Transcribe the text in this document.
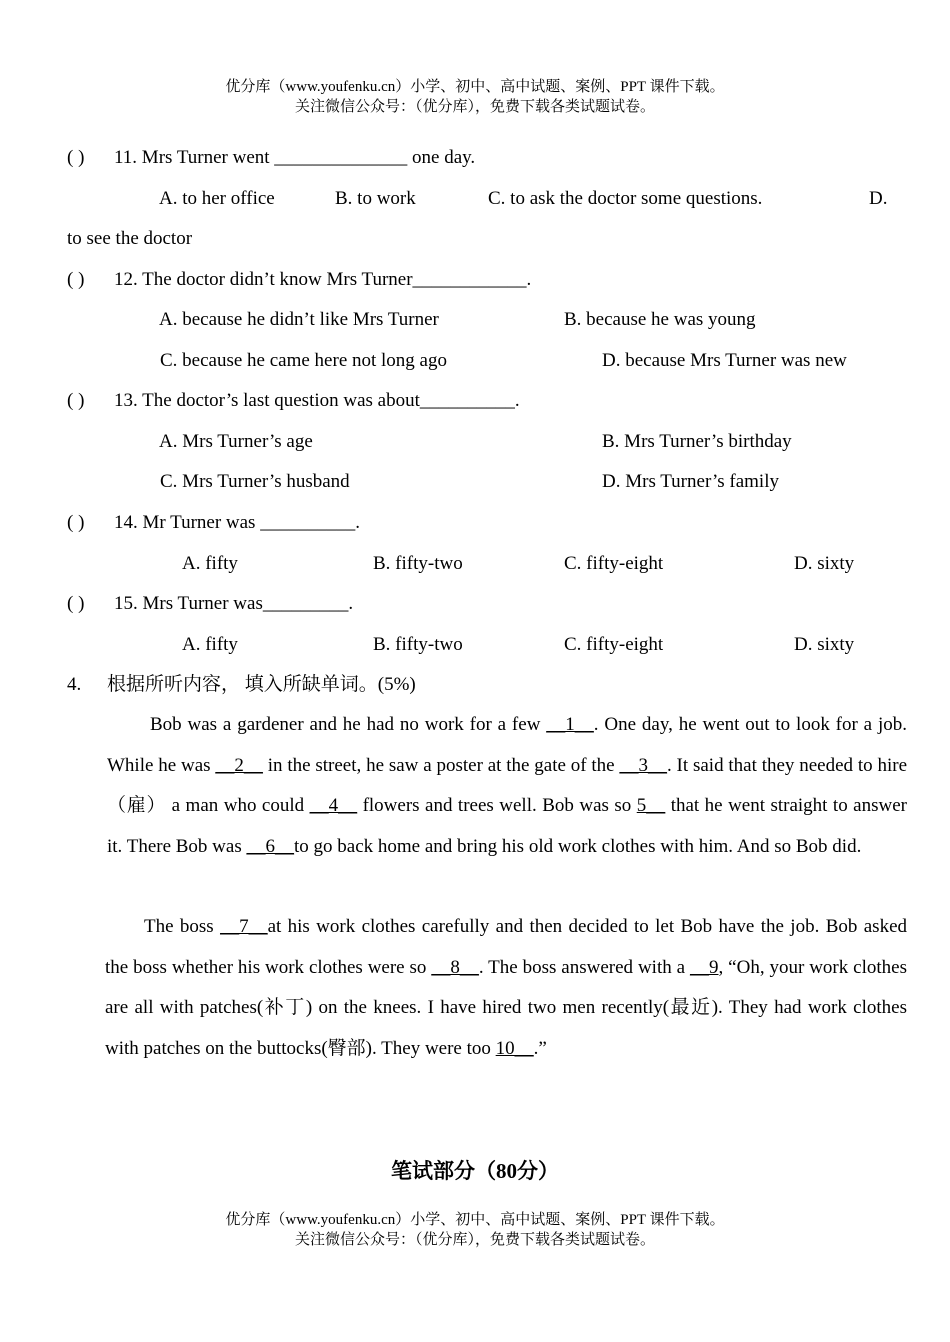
优分库（www.youfenku.cn）小学、初中、高中试题、案例、PPT 课件下载。
关注微信公众号：（优分库），免费下载各类试题试卷。
( ) 11. Mrs Turner went ______________ one day.
A. to her office	B. to work	C. to ask the doctor some questions.	D.
to see the doctor
( ) 12. The doctor didn’t know Mrs Turner____________.
A. because he didn’t like Mrs Turner	B. because he was young
C. because he came here not long ago	D. because Mrs Turner was new
( ) 13. The doctor’s last question was about__________.
A. Mrs Turner’s age	B. Mrs Turner’s birthday
C. Mrs Turner’s husband	D. Mrs Turner’s family
( ) 14. Mr Turner was __________.
A. fifty	B. fifty-two	C. fifty-eight	D. sixty
( ) 15. Mrs Turner was_________.
A. fifty	B. fifty-two	C. fifty-eight	D. sixty
4. 根据所听内容， 填入所缺单词。(5%)
Bob was a gardener and he had no work for a few __1__. One day, he went out to look for a job. While he was __2__ in the street, he saw a poster at the gate of the __3__. It said that they needed to hire（雇） a man who could __4__ flowers and trees well. Bob was so 5__ that he went straight to answer it. There Bob was __6__to go back home and bring his old work clothes with him. And so Bob did.
The boss __7__at his work clothes carefully and then decided to let Bob have the job. Bob asked the boss whether his work clothes were so __8__. The boss answered with a __9, “Oh, your work clothes are all with patches(补丁) on the knees. I have hired two men recently(最近). They had work clothes with patches on the buttocks(臀部). They were too 10__.”
笔试部分（80分）
优分库（www.youfenku.cn）小学、初中、高中试题、案例、PPT 课件下载。
关注微信公众号：（优分库），免费下载各类试题试卷。
